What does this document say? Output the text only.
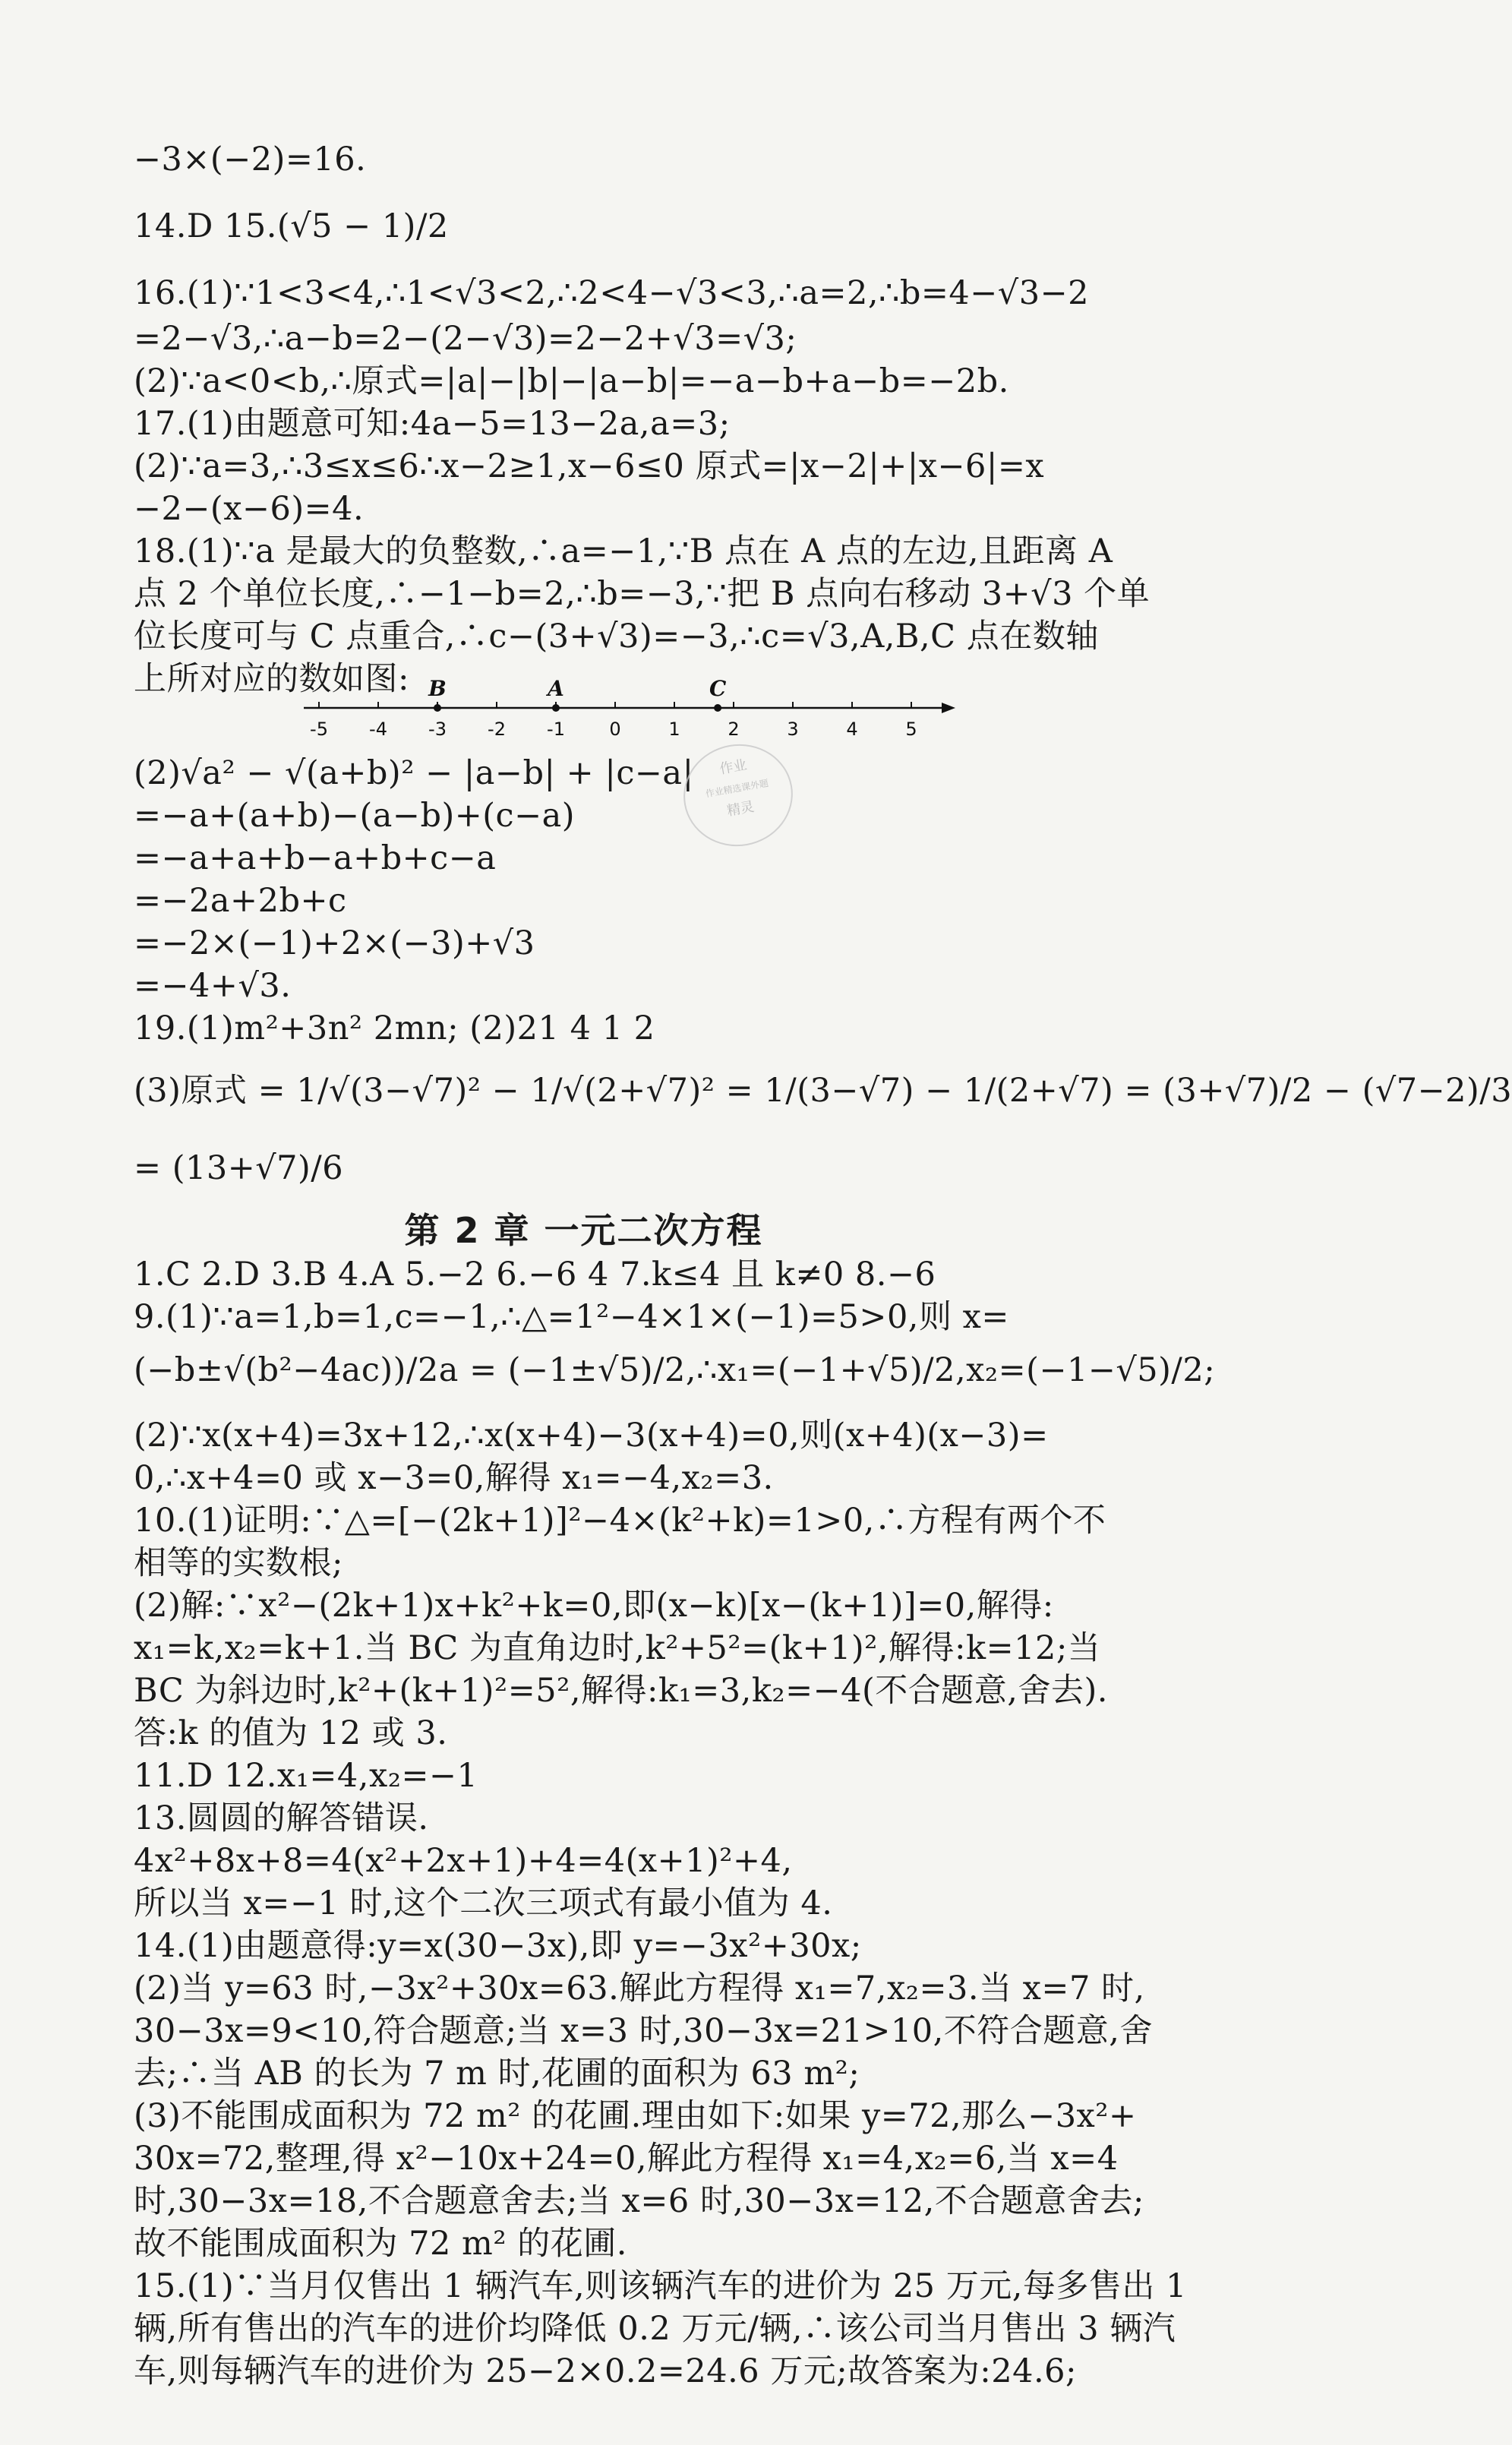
−3×(−2)=16.
14.D 15.(√5 − 1)/2
16.(1)∵1<3<4,∴1<√3<2,∴2<4−√3<3,∴a=2,∴b=4−√3−2
=2−√3,∴a−b=2−(2−√3)=2−2+√3=√3;
(2)∵a<0<b,∴原式=|a|−|b|−|a−b|=−a−b+a−b=−2b.
17.(1)由题意可知:4a−5=13−2a,a=3;
(2)∵a=3,∴3≤x≤6∴x−2≥1,x−6≤0 原式=|x−2|+|x−6|=x
−2−(x−6)=4.
18.(1)∵a 是最大的负整数,∴a=−1,∵B 点在 A 点的左边,且距离 A
点 2 个单位长度,∴−1−b=2,∴b=−3,∵把 B 点向右移动 3+√3 个单
位长度可与 C 点重合,∴c−(3+√3)=−3,∴c=√3,A,B,C 点在数轴
上所对应的数如图:
(2)√a² − √(a+b)² − |a−b| + |c−a|
=−a+(a+b)−(a−b)+(c−a)
=−a+a+b−a+b+c−a
=−2a+2b+c
=−2×(−1)+2×(−3)+√3
=−4+√3.
19.(1)m²+3n² 2mn; (2)21 4 1 2
(3)原式 = 1/√(3−√7)² − 1/√(2+√7)² = 1/(3−√7) − 1/(2+√7) = (3+√7)/2 − (√7−2)/3
= (13+√7)/6
1.C 2.D 3.B 4.A 5.−2 6.−6 4 7.k≤4 且 k≠0 8.−6
9.(1)∵a=1,b=1,c=−1,∴△=1²−4×1×(−1)=5>0,则 x=
(−b±√(b²−4ac))/2a = (−1±√5)/2,∴x₁=(−1+√5)/2,x₂=(−1−√5)/2;
(2)∵x(x+4)=3x+12,∴x(x+4)−3(x+4)=0,则(x+4)(x−3)=
0,∴x+4=0 或 x−3=0,解得 x₁=−4,x₂=3.
10.(1)证明:∵△=[−(2k+1)]²−4×(k²+k)=1>0,∴方程有两个不
相等的实数根;
(2)解:∵x²−(2k+1)x+k²+k=0,即(x−k)[x−(k+1)]=0,解得:
x₁=k,x₂=k+1.当 BC 为直角边时,k²+5²=(k+1)²,解得:k=12;当
BC 为斜边时,k²+(k+1)²=5²,解得:k₁=3,k₂=−4(不合题意,舍去).
答:k 的值为 12 或 3.
11.D 12.x₁=4,x₂=−1
13.圆圆的解答错误.
4x²+8x+8=4(x²+2x+1)+4=4(x+1)²+4,
所以当 x=−1 时,这个二次三项式有最小值为 4.
14.(1)由题意得:y=x(30−3x),即 y=−3x²+30x;
(2)当 y=63 时,−3x²+30x=63.解此方程得 x₁=7,x₂=3.当 x=7 时,
30−3x=9<10,符合题意;当 x=3 时,30−3x=21>10,不符合题意,舍
去;∴当 AB 的长为 7 m 时,花圃的面积为 63 m²;
(3)不能围成面积为 72 m² 的花圃.理由如下:如果 y=72,那么−3x²+
30x=72,整理,得 x²−10x+24=0,解此方程得 x₁=4,x₂=6,当 x=4
时,30−3x=18,不合题意舍去;当 x=6 时,30−3x=12,不合题意舍去;
故不能围成面积为 72 m² 的花圃.
15.(1)∵当月仅售出 1 辆汽车,则该辆汽车的进价为 25 万元,每多售出 1
辆,所有售出的汽车的进价均降低 0.2 万元/辆,∴该公司当月售出 3 辆汽
车,则每辆汽车的进价为 25−2×0.2=24.6 万元;故答案为:24.6;
第 2 章 一元二次方程
-5 -4 -3 -2 -1 0	1	2	3	4	5
B	A	C
作业
作业精选课外题
精灵
